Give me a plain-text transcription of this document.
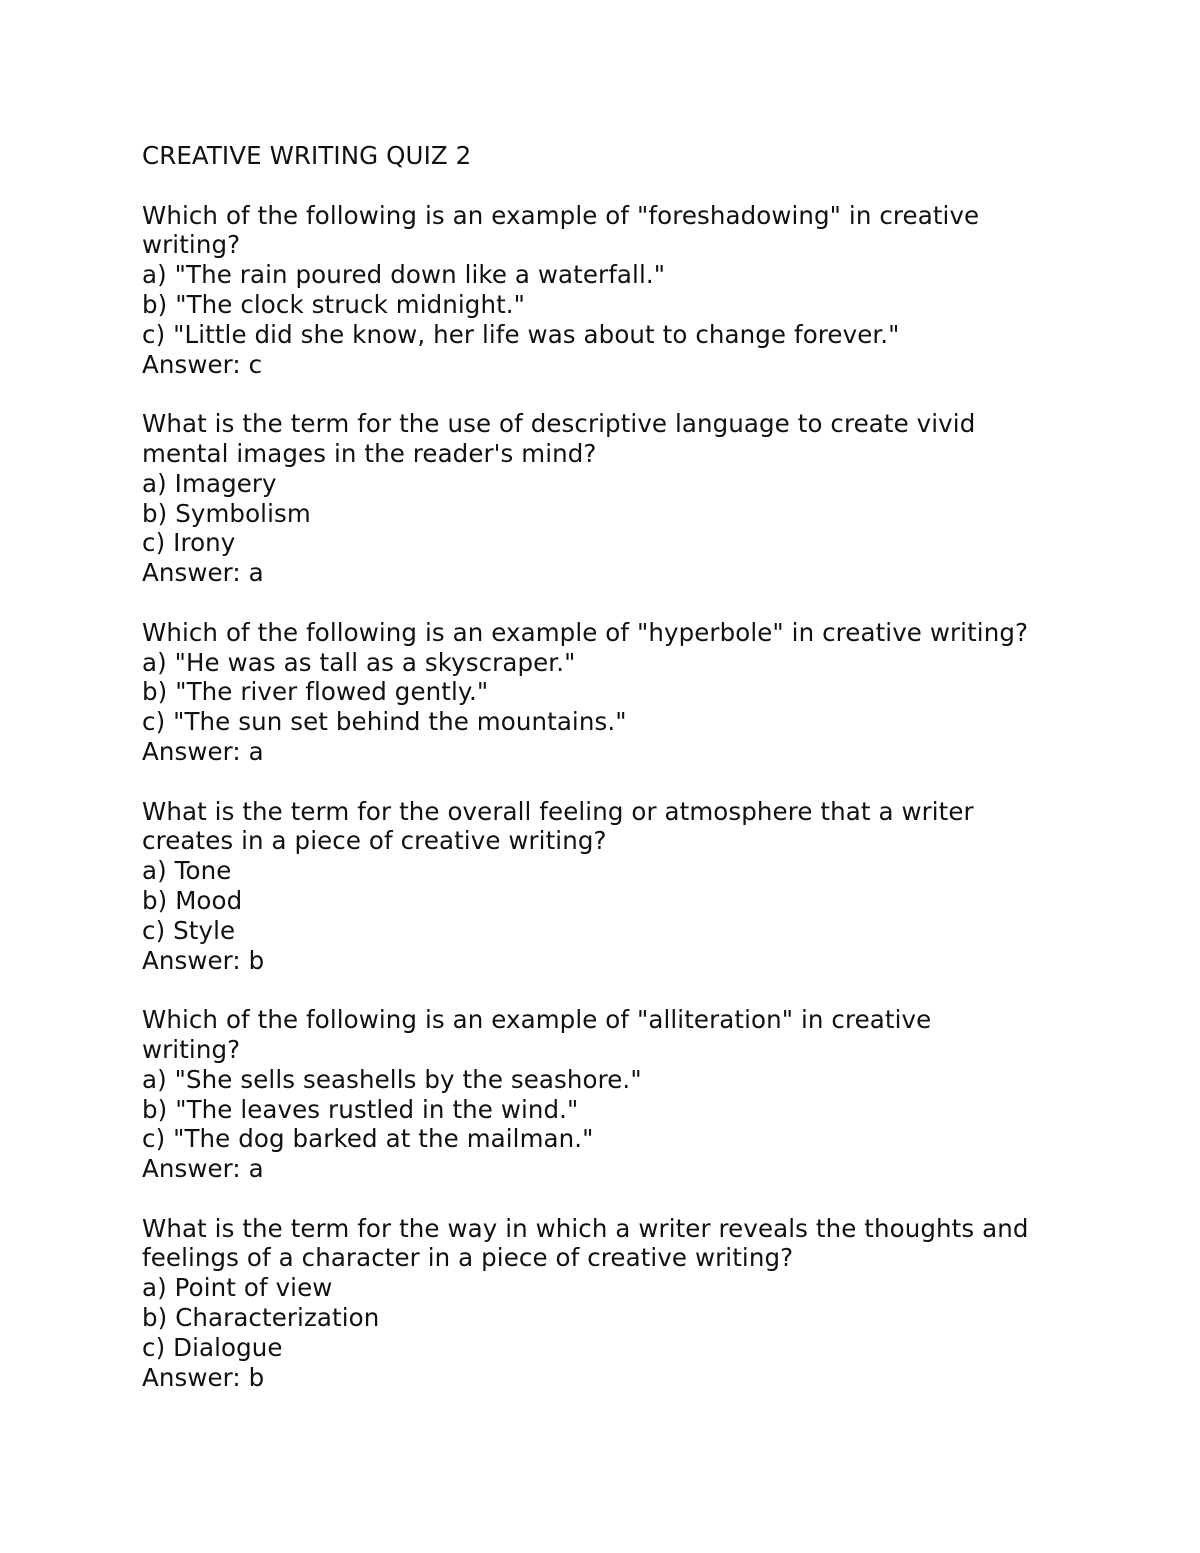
CREATIVE WRITING QUIZ 2

Which of the following is an example of "foreshadowing" in creative

writing?

a) "The rain poured down like a waterfall."

b) "The clock struck midnight."

c) "Little did she know, her life was about to change forever."

Answer: c

What is the term for the use of descriptive language to create vivid

mental images in the reader's mind?

a) Imagery

b) Symbolism

c) Irony

Answer: a

Which of the following is an example of "hyperbole" in creative writing?

a) "He was as tall as a skyscraper."

b) "The river flowed gently."

c) "The sun set behind the mountains."

Answer: a

What is the term for the overall feeling or atmosphere that a writer

creates in a piece of creative writing?

a) Tone

b) Mood

c) Style

Answer: b

Which of the following is an example of "alliteration" in creative

writing?

a) "She sells seashells by the seashore."

b) "The leaves rustled in the wind."

c) "The dog barked at the mailman."

Answer: a

What is the term for the way in which a writer reveals the thoughts and

feelings of a character in a piece of creative writing?

a) Point of view

b) Characterization

c) Dialogue

Answer: b
